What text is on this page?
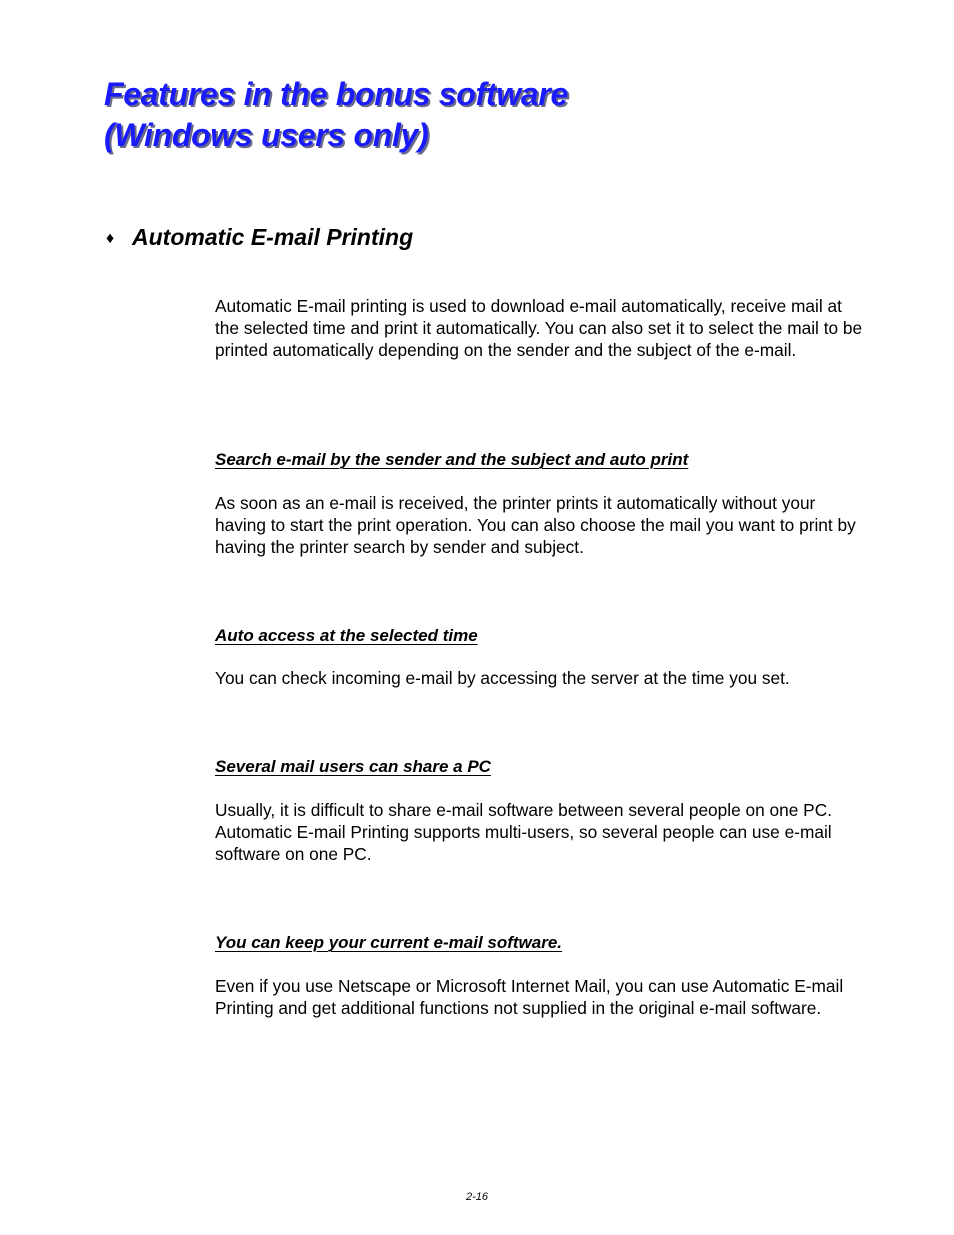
Features in the bonus software
(Windows users only)
♦ Automatic E-mail Printing

Automatic E-mail printing is used to download e-mail automatically, receive mail at the selected time and print it automatically. You can also set it to select the mail to be printed automatically depending on the sender and the subject of the e-mail.

Search e-mail by the sender and the subject and auto print

As soon as an e-mail is received, the printer prints it automatically without your having to start the print operation. You can also choose the mail you want to print by having the printer search by sender and subject.

Auto access at the selected time

You can check incoming e-mail by accessing the server at the time you set.

Several mail users can share a PC

Usually, it is difficult to share e-mail software between several people on one PC. Automatic E-mail Printing supports multi-users, so several people can use e-mail software on one PC.

You can keep your current e-mail software.

Even if you use Netscape or Microsoft Internet Mail, you can use Automatic E-mail Printing and get additional functions not supplied in the original e-mail software.

2-16
